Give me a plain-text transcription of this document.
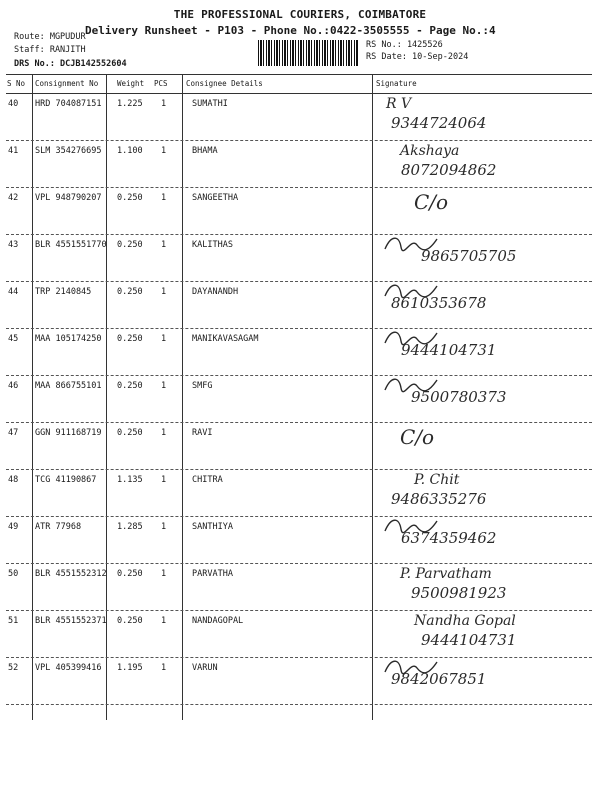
THE PROFESSIONAL COURIERS, COIMBATORE
Delivery Runsheet - P103 - Phone No.:0422-3505555 - Page No.:4
Route: MGPUDUR
Staff: RANJITH
DRS No.: DCJB142552604
RS No.: 1425526
RS Date: 10-Sep-2024
S No Consignment No	Weight PCS Consignee Details	Signature
40 HRD 704087151 1.225 1	SUMATHI	R V
9344724064
41 SLM 354276695 1.100 1	BHAMA	Akshaya
8072094862
42 VPL 948790207 0.250 1	SANGEETHA	C/o
43 BLR 4551551770 0.250 1	KALITHAS
9865705705
44 TRP 2140845	0.250 1	DAYANANDH
8610353678
45 MAA 105174250 0.250 1	MANIKAVASAGAM
9444104731
46 MAA 866755101 0.250 1	SMFG
9500780373
47 GGN 911168719 0.250 1	RAVI	C/o
48 TCG 41190867 1.135 1	CHITRA	P. Chit
9486335276
49 ATR 77968	1.285 1	SANTHIYA
6374359462
50 BLR 4551552312 0.250 1	PARVATHA	P. Parvatham
9500981923
51 BLR 4551552371 0.250 1	NANDAGOPAL	Nandha Gopal
9444104731
52 VPL 405399416 1.195 1	VARUN
9842067851
